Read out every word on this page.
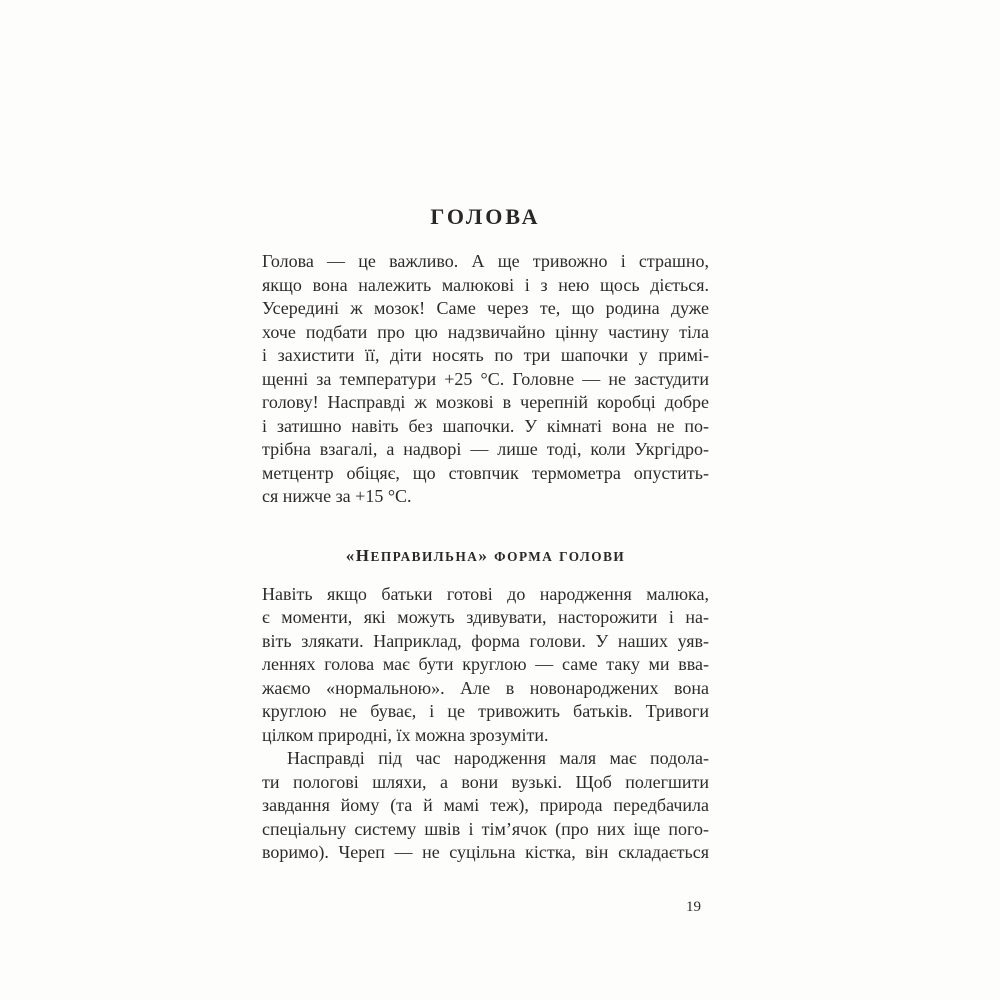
ГОЛОВА
Голова — це важливо. А ще тривожно і страшно,
якщо вона належить малюкові і з нею щось діється.
Усередині ж мозок! Саме через те, що родина дуже
хоче подбати про цю надзвичайно цінну частину тіла
і захистити її, діти носять по три шапочки у примі-
щенні за температури +25 °C. Головне — не застудити
голову! Насправді ж мозкові в черепній коробці добре
і затишно навіть без шапочки. У кімнаті вона не по-
трібна взагалі, а надворі — лише тоді, коли Укргідро-
метцентр обіцяє, що стовпчик термометра опустить-
ся нижче за +15 °C.
«НЕПРАВИЛЬНА» ФОРМА ГОЛОВИ
Навіть якщо батьки готові до народження малюка,
є моменти, які можуть здивувати, насторожити і на-
віть злякати. Наприклад, форма голови. У наших уяв-
леннях голова має бути круглою — саме таку ми вва-
жаємо «нормальною». Але в новонароджених вона
круглою не буває, і це тривожить батьків. Тривоги
цілком природні, їх можна зрозуміти.
Насправді під час народження маля має подола-
ти пологові шляхи, а вони вузькі. Щоб полегшити
завдання йому (та й мамі теж), природа передбачила
спеціальну систему швів і тім’ячок (про них іще пого-
воримо). Череп — не суцільна кістка, він складається
19
